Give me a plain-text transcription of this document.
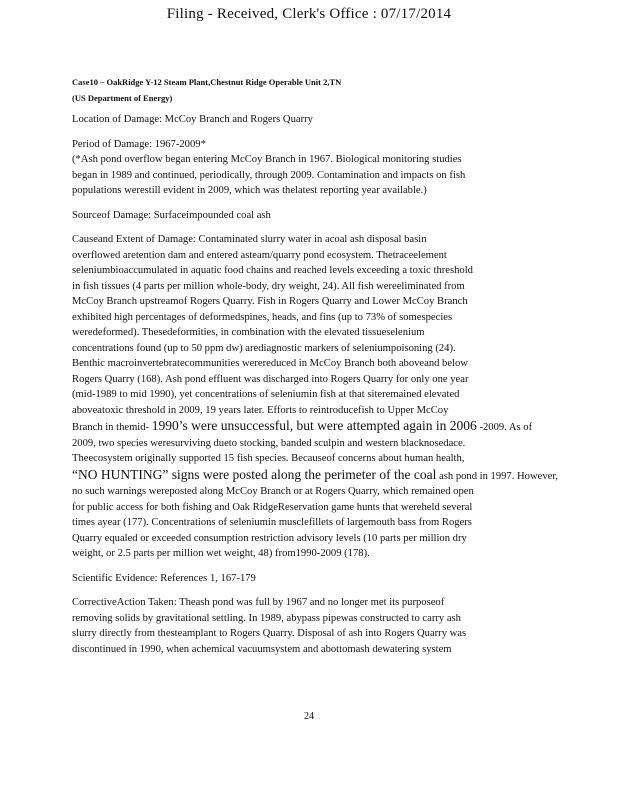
Filing - Received, Clerk's Office : 07/17/2014
Case10 – OakRidge Y-12 Steam Plant,Chestnut Ridge Operable Unit 2,TN
(US Department of Energy)

Location of Damage: McCoy Branch and Rogers Quarry

Period of Damage: 1967-2009*
(*Ash pond overflow began entering McCoy Branch in 1967. Biological monitoring studies
began in 1989 and continued, periodically, through 2009. Contamination and impacts on fish
populations werestill evident in 2009, which was thelatest reporting year available.)

Sourceof Damage: Surfaceimpounded coal ash

Causeand Extent of Damage: Contaminated slurry water in acoal ash disposal basin
overflowed aretention dam and entered asteam/quarry pond ecosystem. Thetraceelement
seleniumbioaccumulated in aquatic food chains and reached levels exceeding a toxic threshold
in fish tissues (4 parts per million whole-body, dry weight, 24). All fish wereeliminated from
McCoy Branch upstreamof Rogers Quarry. Fish in Rogers Quarry and Lower McCoy Branch
exhibited high percentages of deformedspines, heads, and fins (up to 73% of somespecies
weredeformed). Thesedeformities, in combination with the elevated tissueselenium
concentrations found (up to 50 ppm dw) arediagnostic markers of seleniumpoisoning (24).
Benthic macroinvertebratecommunities werereduced in McCoy Branch both aboveand below
Rogers Quarry (168). Ash pond effluent was discharged into Rogers Quarry for only one year
(mid-1989 to mid 1990), yet concentrations of seleniumin fish at that siteremained elevated
aboveatoxic threshold in 2009, 19 years later. Efforts to reintroducefish to Upper McCoy
Branch in themid- 1990’s were unsuccessful, but were attempted again in 2006 -2009. As of
2009, two species weresurviving dueto stocking, banded sculpin and western blacknosedace.
Theecosystem originally supported 15 fish species. Becauseof concerns about human health,
“NO HUNTING” signs were posted along the perimeter of the coal ash pond in 1997. However,
no such warnings wereposted along McCoy Branch or at Rogers Quarry, which remained open
for public access for both fishing and Oak RidgeReservation game hunts that wereheld several
times ayear (177). Concentrations of seleniumin musclefillets of largemouth bass from Rogers
Quarry equaled or exceeded consumption restriction advisory levels (10 parts per million dry
weight, or 2.5 parts per million wet weight, 48) from1990-2009 (178).

Scientific Evidence: References 1, 167-179

CorrectiveAction Taken: Theash pond was full by 1967 and no longer met its purposeof
removing solids by gravitational settling. In 1989, abypass pipewas constructed to carry ash
slurry directly from thesteamplant to Rogers Quarry. Disposal of ash into Rogers Quarry was
discontinued in 1990, when achemical vacuumsystem and abottomash dewatering system
24
